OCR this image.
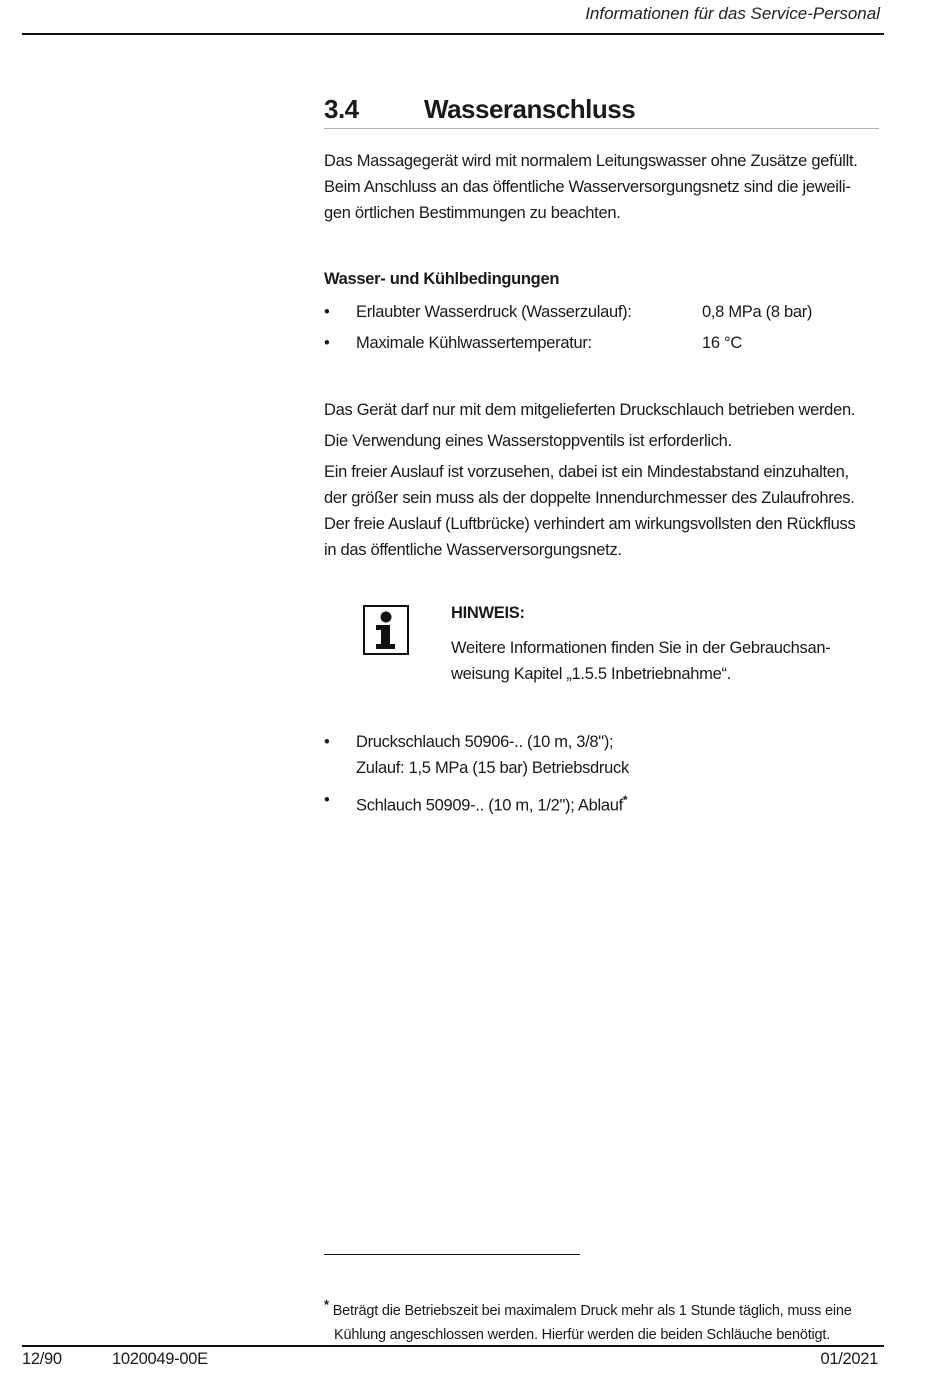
Informationen für das Service-Personal
3.4	Wasseranschluss
Das Massagegerät wird mit normalem Leitungswasser ohne Zusätze gefüllt.
Beim Anschluss an das öffentliche Wasserversorgungsnetz sind die jeweili-
gen örtlichen Bestimmungen zu beachten.
Wasser- und Kühlbedingungen
•	Erlaubter Wasserdruck (Wasserzulauf):	0,8 MPa (8 bar)
•	Maximale Kühlwassertemperatur:	16 °C
Das Gerät darf nur mit dem mitgelieferten Druckschlauch betrieben werden.
Die Verwendung eines Wasserstoppventils ist erforderlich.
Ein freier Auslauf ist vorzusehen, dabei ist ein Mindestabstand einzuhalten,
der größer sein muss als der doppelte Innendurchmesser des Zulaufrohres.
Der freie Auslauf (Luftbrücke) verhindert am wirkungsvollsten den Rückfluss
in das öffentliche Wasserversorgungsnetz.
HINWEIS:
Weitere Informationen finden Sie in der Gebrauchsan-
weisung Kapitel „1.5.5 Inbetriebnahme“.
•	Druckschlauch 50906-.. (10 m, 3/8");
Zulauf: 1,5 MPa (15 bar) Betriebsdruck
•	Schlauch 50909-.. (10 m, 1/2"); Ablauf*
* Beträgt die Betriebszeit bei maximalem Druck mehr als 1 Stunde täglich, muss eine
Kühlung angeschlossen werden. Hierfür werden die beiden Schläuche benötigt.
12/90	1020049-00E	01/2021
